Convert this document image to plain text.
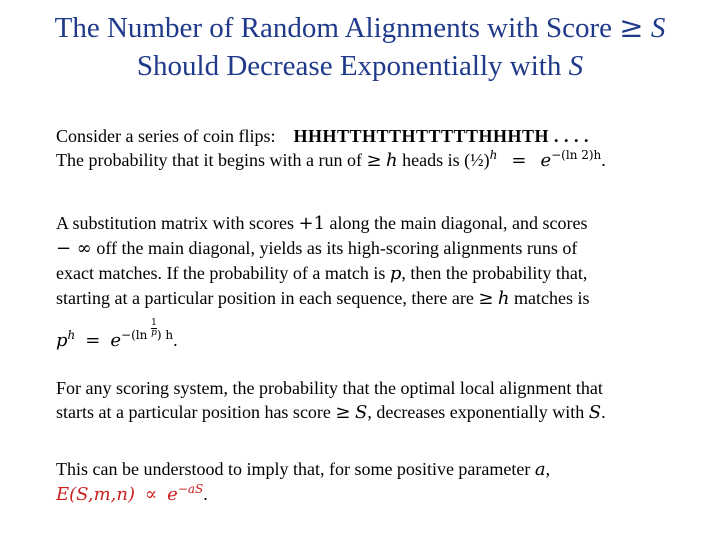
The Number of Random Alignments with Score ≥ S
Should Decrease Exponentially with S
Consider a series of coin flips: HHHTTHTTHTTTTTHHHTH . . . .
The probability that it begins with a run of ≥ h heads is (½)$^h$ = $e^{-(ln 2)h}$.
A substitution matrix with scores +1 along the main diagonal, and scores
− ∞ off the main diagonal, yields as its high-scoring alignments runs of
exact matches. If the probability of a match is p, then the probability that,
starting at a particular position in each sequence, there are ≥ h matches is
$p^h = e^{-(ln \frac{1}{p} ) h}$.
For any scoring system, the probability that the optimal local alignment that
starts at a particular position has score ≥ S, decreases exponentially with S.
This can be understood to imply that, for some positive parameter a,
$E(S,m,n) \propto e^{-aS}$.
